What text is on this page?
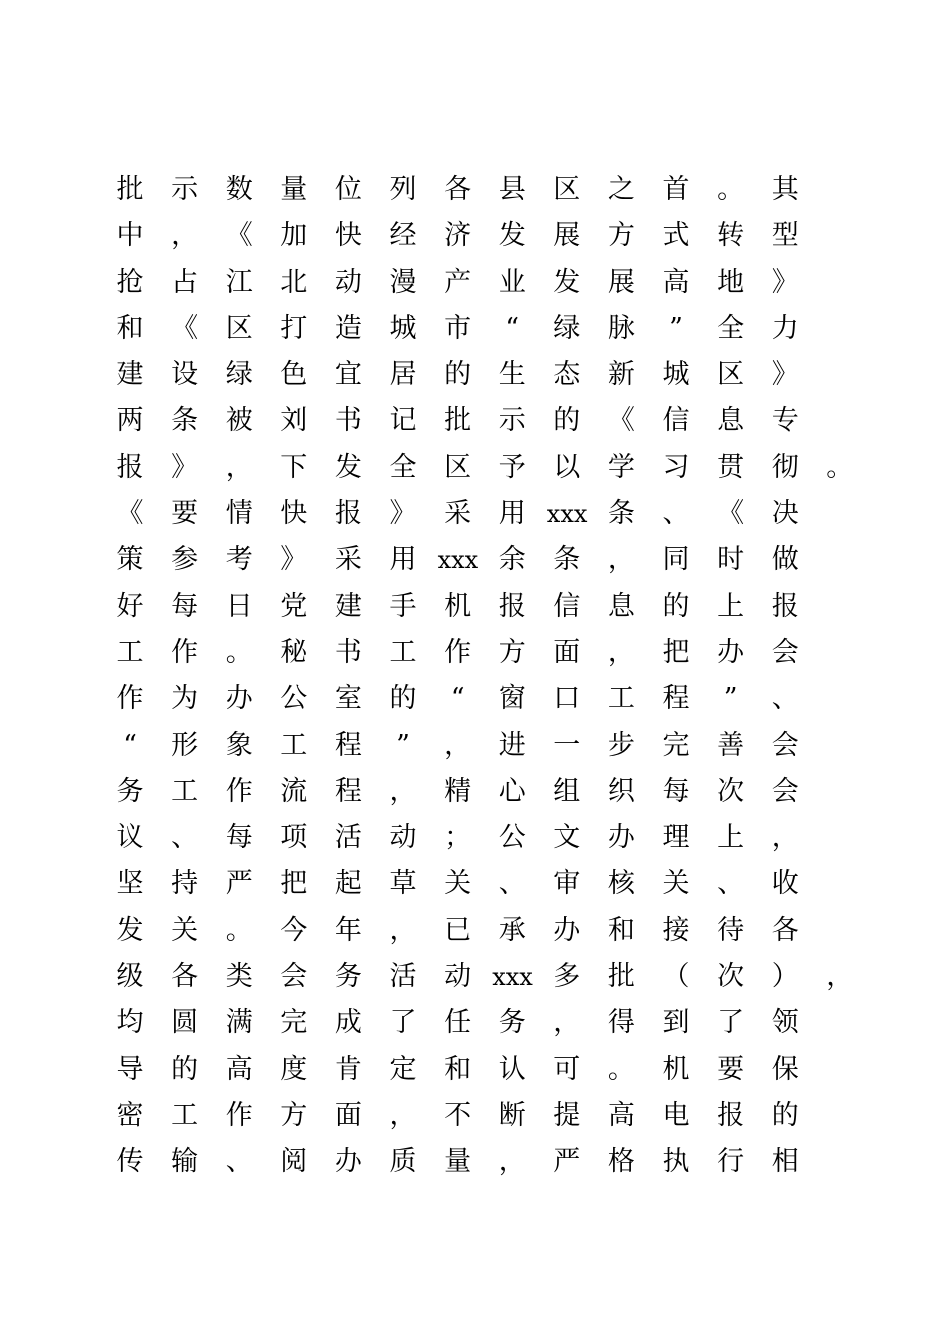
批 示 数 量 位 列 各 县 区 之 首 。 其
中 ， 《 加 快 经 济 发 展 方 式 转 型
抢 占 江 北 动 漫 产 业 发 展 高 地 》
和 《 区 打 造 城 市	“	绿 脉	”	全 力
建 设 绿 色 宜 居 的 生 态 新 城 区 》
两 条 被 刘 书 记 批 示 的 《 信 息 专
报 》 ， 下 发 全 区 予 以 学 习 贯 彻 。
《 要 情 快 报 》 采 用 xxx 条 、 《 决
策 参 考 》 采 用 xxx 余 条 ， 同 时 做
好 每 日 党 建 手 机 报 信 息 的 上 报
工 作 。 秘 书 工 作 方 面 ， 把 办 会
作 为 办 公 室 的	“	窗 口 工 程	”	、
“	形 象 工 程	”	， 进 一 步 完 善 会
务 工 作 流 程 ， 精 心 组 织 每 次 会
议 、 每 项 活 动 ； 公 文 办 理 上 ，
坚 持 严 把 起 草 关 、 审 核 关 、 收
发 关 。 今 年 ， 已 承 办 和 接 待 各
级 各 类 会 务 活 动 xxx 多 批 （ 次 ） ，
均 圆 满 完 成 了 任 务 ， 得 到 了 领
导 的 高 度 肯 定 和 认 可 。 机 要 保
密 工 作 方 面 ， 不 断 提 高 电 报 的
传 输 、 阅 办 质 量 ， 严 格 执 行 相
